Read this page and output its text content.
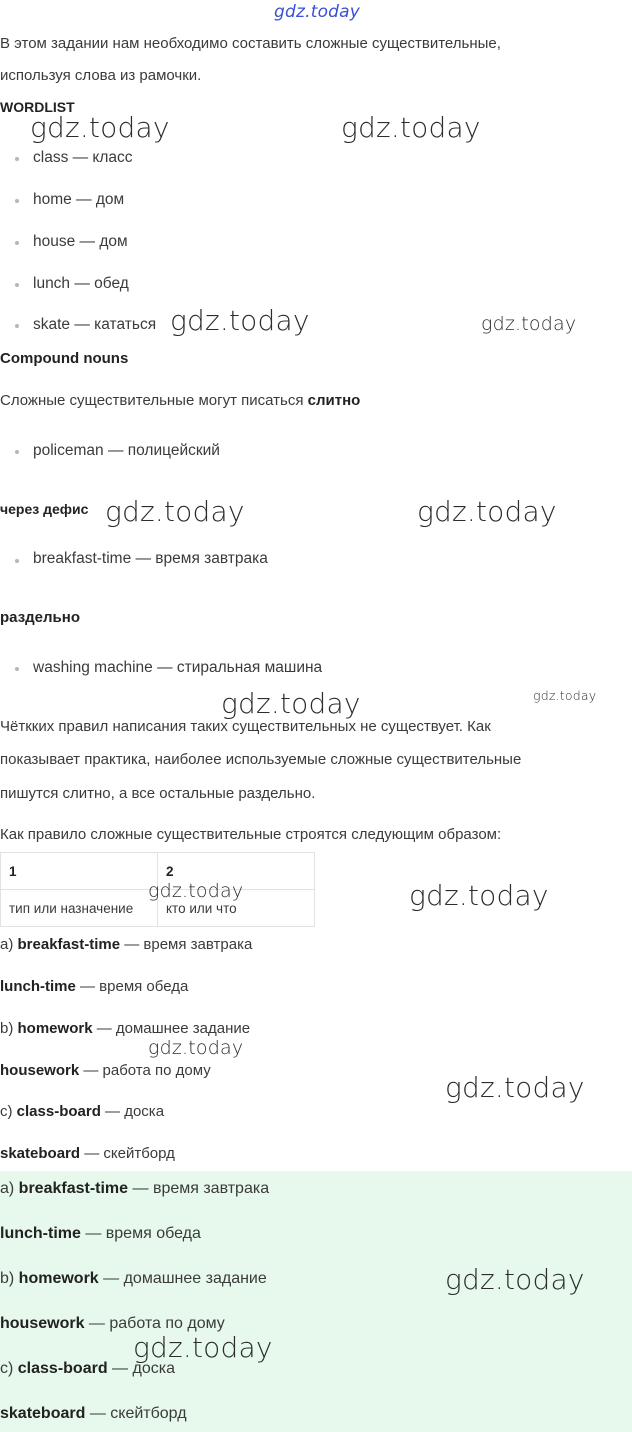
gdz.today
В этом задании нам необходимо составить сложные существительные,
используя слова из рамочки.
WORDLIST
class — класс
home — дом
house — дом
lunch — обед
skate — кататься
Compound nouns
Сложные существительные могут писаться слитно
policeman — полицейский
через дефис
breakfast-time — время завтрака
раздельно
washing machine — стиральная машина
Чёткких правил написания таких существительных не существует. Как
показывает практика, наиболее используемые сложные существительные
пишутся слитно, а все остальные раздельно.
Как правило сложные существительные строятся следующим образом:
1	2
тип или назначение	кто или что
a) breakfast-time — время завтрака
lunch-time — время обеда
b) homework — домашнее задание
housework — работа по дому
c) class-board — доска
skateboard — скейтборд
a) breakfast-time — время завтрака
lunch-time — время обеда
b) homework — домашнее задание
housework — работа по дому
c) class-board — доска
skateboard — скейтборд
gdz.today	gdz.today
gdz.today	gdz.today
gdz.today	gdz.today
gdz.today	gdz.today
gdz.today	gdz.today
gdz.today
gdz.today
gdz.today
gdz.today
